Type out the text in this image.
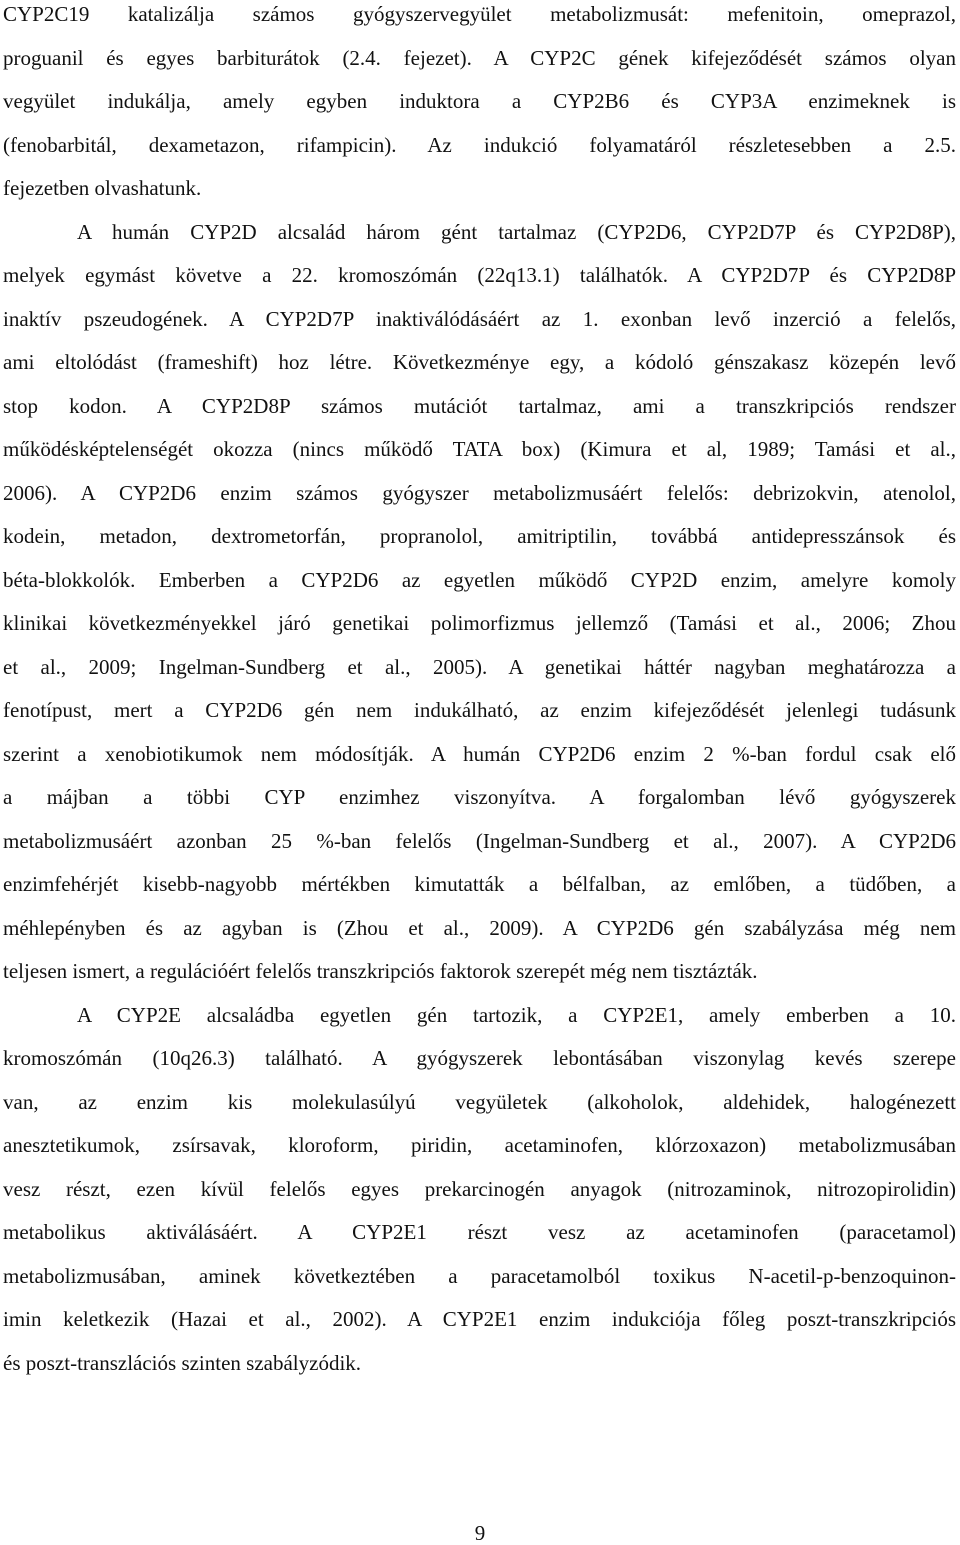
CYP2C19 katalizálja számos gyógyszervegyület metabolizmusát: mefenitoin, omeprazol,
proguanil és egyes barbiturátok (2.4. fejezet). A CYP2C gének kifejeződését számos olyan
vegyület indukálja, amely egyben induktora a CYP2B6 és CYP3A enzimeknek is
(fenobarbitál, dexametazon, rifampicin). Az indukció folyamatáról részletesebben a 2.5.
fejezetben olvashatunk.
A humán CYP2D alcsalád három gént tartalmaz (CYP2D6, CYP2D7P és CYP2D8P),
melyek egymást követve a 22. kromoszómán (22q13.1) találhatók. A CYP2D7P és CYP2D8P
inaktív pszeudogének. A CYP2D7P inaktiválódásáért az 1. exonban levő inzerció a felelős,
ami eltolódást (frameshift) hoz létre. Következménye egy, a kódoló génszakasz közepén levő
stop kodon. A CYP2D8P számos mutációt tartalmaz, ami a transzkripciós rendszer
működésképtelenségét okozza (nincs működő TATA box) (Kimura et al, 1989; Tamási et al.,
2006). A CYP2D6 enzim számos gyógyszer metabolizmusáért felelős: debrizokvin, atenolol,
kodein, metadon, dextrometorfán, propranolol, amitriptilin, továbbá antidepresszánsok és
béta-blokkolók. Emberben a CYP2D6 az egyetlen működő CYP2D enzim, amelyre komoly
klinikai következményekkel járó genetikai polimorfizmus jellemző (Tamási et al., 2006; Zhou
et al., 2009; Ingelman-Sundberg et al., 2005). A genetikai háttér nagyban meghatározza a
fenotípust, mert a CYP2D6 gén nem indukálható, az enzim kifejeződését jelenlegi tudásunk
szerint a xenobiotikumok nem módosítják. A humán CYP2D6 enzim 2 %-ban fordul csak elő
a májban a többi CYP enzimhez viszonyítva. A forgalomban lévő gyógyszerek
metabolizmusáért azonban 25 %-ban felelős (Ingelman-Sundberg et al., 2007). A CYP2D6
enzimfehérjét kisebb-nagyobb mértékben kimutatták a bélfalban, az emlőben, a tüdőben, a
méhlepényben és az agyban is (Zhou et al., 2009). A CYP2D6 gén szabályzása még nem
teljesen ismert, a regulációért felelős transzkripciós faktorok szerepét még nem tisztázták.
A CYP2E alcsaládba egyetlen gén tartozik, a CYP2E1, amely emberben a 10.
kromoszómán (10q26.3) található. A gyógyszerek lebontásában viszonylag kevés szerepe
van, az enzim kis molekulasúlyú vegyületek (alkoholok, aldehidek, halogénezett
anesztetikumok, zsírsavak, kloroform, piridin, acetaminofen, klórzoxazon) metabolizmusában
vesz részt, ezen kívül felelős egyes prekarcinogén anyagok (nitrozaminok, nitrozopirolidin)
metabolikus aktiválásáért. A CYP2E1 részt vesz az acetaminofen (paracetamol)
metabolizmusában, aminek következtében a paracetamolból toxikus N-acetil-p-benzoquinon-
imin keletkezik (Hazai et al., 2002). A CYP2E1 enzim indukciója főleg poszt-transzkripciós
és poszt-transzlációs szinten szabályzódik.
9
